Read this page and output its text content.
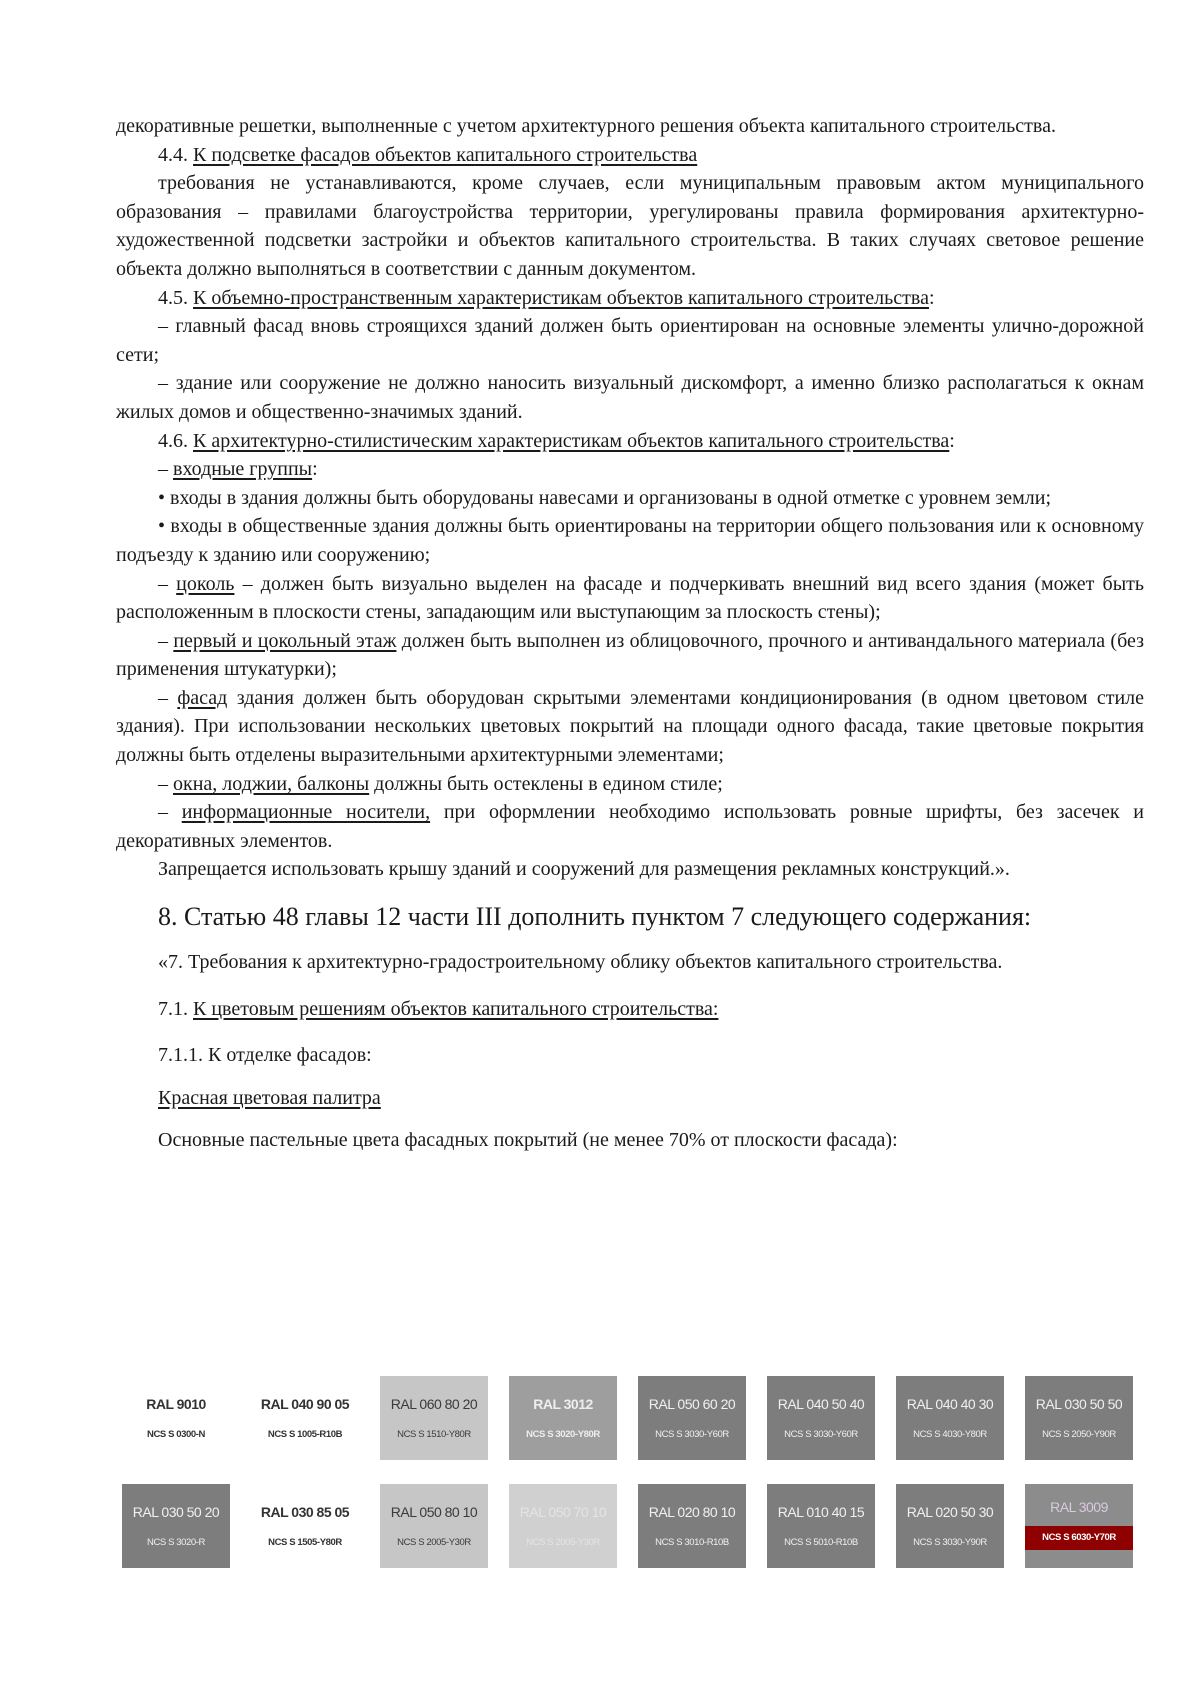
декоративные решетки, выполненные с учетом архитектурного решения объекта капитального строительства.

4.4. К подсветке фасадов объектов капитального строительства

требования не устанавливаются, кроме случаев, если муниципальным правовым актом муниципального образования – правилами благоустройства территории, урегулированы правила формирования архитектурно-художественной подсветки застройки и объектов капитального строительства. В таких случаях световое решение объекта должно выполняться в соответствии с данным документом.

4.5. К объемно-пространственным характеристикам объектов капитального строительства:

– главный фасад вновь строящихся зданий должен быть ориентирован на основные элементы улично-дорожной сети;

– здание или сооружение не должно наносить визуальный дискомфорт, а именно близко располагаться к окнам жилых домов и общественно-значимых зданий.

4.6. К архитектурно-стилистическим характеристикам объектов капитального строительства:

– входные группы:

• входы в здания должны быть оборудованы навесами и организованы в одной отметке с уровнем земли;

• входы в общественные здания должны быть ориентированы на территории общего пользования или к основному подъезду к зданию или сооружению;

– цоколь – должен быть визуально выделен на фасаде и подчеркивать внешний вид всего здания (может быть расположенным в плоскости стены, западающим или выступающим за плоскость стены);

– первый и цокольный этаж должен быть выполнен из облицовочного, прочного и антивандального материала (без применения штукатурки);

– фасад здания должен быть оборудован скрытыми элементами кондиционирования (в одном цветовом стиле здания). При использовании нескольких цветовых покрытий на площади одного фасада, такие цветовые покрытия должны быть отделены выразительными архитектурными элементами;

– окна, лоджии, балконы должны быть остеклены в едином стиле;

– информационные носители, при оформлении необходимо использовать ровные шрифты, без засечек и декоративных элементов.

Запрещается использовать крышу зданий и сооружений для размещения рекламных конструкций.».

8. Статью 48 главы 12 части III дополнить пунктом 7 следующего содержания:

«7. Требования к архитектурно-градостроительному облику объектов капитального строительства.

7.1. К цветовым решениям объектов капитального строительства:

7.1.1. К отделке фасадов:

Красная цветовая палитра

Основные пастельные цвета фасадных покрытий (не менее 70% от плоскости фасада):

RAL 9010
NCS S 0300-N
RAL 040 90 05
NCS S 1005-R10B
RAL 060 80 20
NCS S 1510-Y80R
RAL 3012
NCS S 3020-Y80R
RAL 050 60 20
NCS S 3030-Y60R
RAL 040 50 40
NCS S 3030-Y60R
RAL 040 40 30
NCS S 4030-Y80R
RAL 030 50 50
NCS S 2050-Y90R
RAL 030 50 20
NCS S 3020-R
RAL 030 85 05
NCS S 1505-Y80R
RAL 050 80 10
NCS S 2005-Y30R
RAL 050 70 10
NCS S 2005-Y30R
RAL 020 80 10
NCS S 3010-R10B
RAL 010 40 15
NCS S 5010-R10B
RAL 020 50 30
NCS S 3030-Y90R
RAL 3009
NCS S 6030-Y70R
